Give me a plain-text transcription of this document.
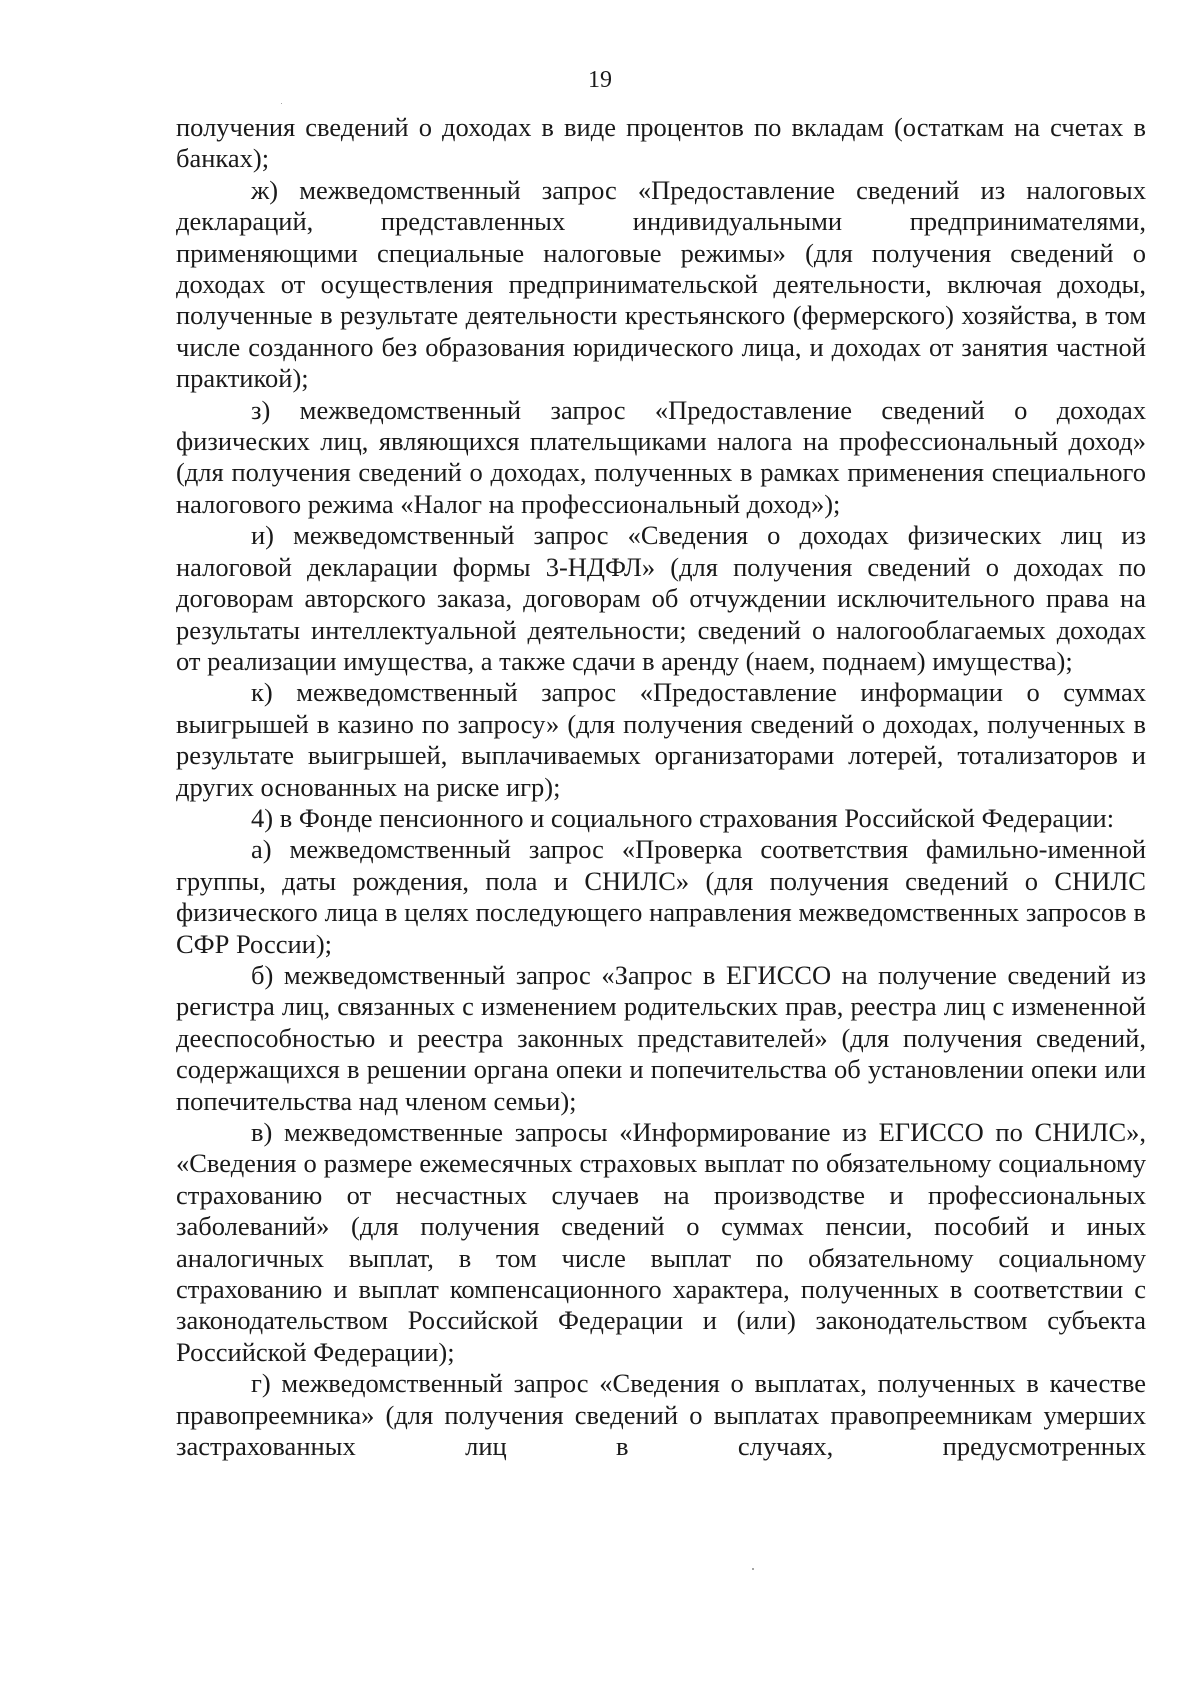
19

получения сведений о доходах в виде процентов по вкладам (остаткам на счетах в банках);

ж) межведомственный запрос «Предоставление сведений из налоговых деклараций, представленных индивидуальными предпринимателями, применяющими специальные налоговые режимы» (для получения сведений о доходах от осуществления предпринимательской деятельности, включая доходы, полученные в результате деятельности крестьянского (фермерского) хозяйства, в том числе созданного без образования юридического лица, и доходах от занятия частной практикой);

з) межведомственный запрос «Предоставление сведений о доходах физических лиц, являющихся плательщиками налога на профессиональный доход» (для получения сведений о доходах, полученных в рамках применения специального налогового режима «Налог на профессиональный доход»);

и) межведомственный запрос «Сведения о доходах физических лиц из налоговой декларации формы 3-НДФЛ» (для получения сведений о доходах по договорам авторского заказа, договорам об отчуждении исключительного права на результаты интеллектуальной деятельности; сведений о налогооблагаемых доходах от реализации имущества, а также сдачи в аренду (наем, поднаем) имущества);

к) межведомственный запрос «Предоставление информации о суммах выигрышей в казино по запросу» (для получения сведений о доходах, полученных в результате выигрышей, выплачиваемых организаторами лотерей, тотализаторов и других основанных на риске игр);

4) в Фонде пенсионного и социального страхования Российской Федерации:

а) межведомственный запрос «Проверка соответствия фамильно-именной группы, даты рождения, пола и СНИЛС» (для получения сведений о СНИЛС физического лица в целях последующего направления межведомственных запросов в СФР России);

б) межведомственный запрос «Запрос в ЕГИССО на получение сведений из регистра лиц, связанных с изменением родительских прав, реестра лиц с измененной дееспособностью и реестра законных представителей» (для получения сведений, содержащихся в решении органа опеки и попечительства об установлении опеки или попечительства над членом семьи);

в) межведомственные запросы «Информирование из ЕГИССО по СНИЛС», «Сведения о размере ежемесячных страховых выплат по обязательному социальному страхованию от несчастных случаев на производстве и профессиональных заболеваний» (для получения сведений о суммах пенсии, пособий и иных аналогичных выплат, в том числе выплат по обязательному социальному страхованию и выплат компенсационного характера, полученных в соответствии с законодательством Российской Федерации и (или) законодательством субъекта Российской Федерации);

г) межведомственный запрос «Сведения о выплатах, полученных в качестве правопреемника» (для получения сведений о выплатах правопреемникам умерших застрахованных лиц в случаях, предусмотренных
